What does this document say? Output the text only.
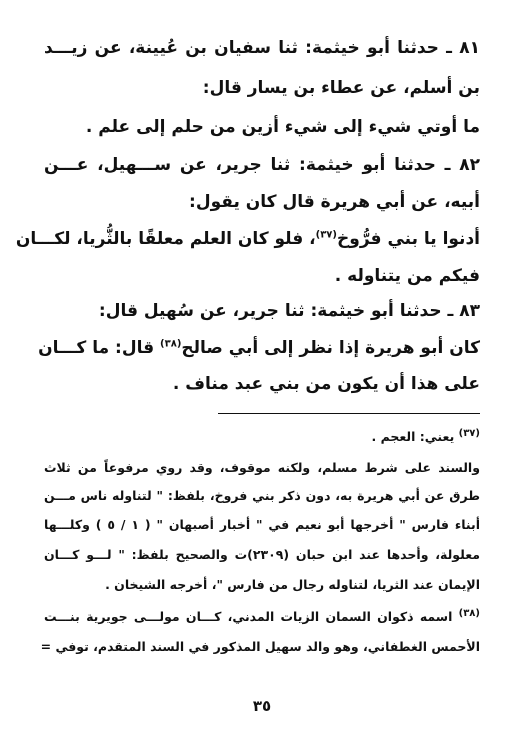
٨١ ـ حدثنا أبو خيثمة: ثنا سفيان بن عُيينة، عن زيـــد
بن أسلم، عن عطاء بن يسار قال:
ما أوتي شيء إلى شيء أزين من حلم إلى علم .
٨٢ ـ حدثنا أبو خيثمة: ثنا جرير، عن ســـهيل، عـــن
أبيه، عن أبي هريرة قال كان يقول:
أدنوا يا بني فرُّوخ$^{(٣٧)}$، فلو كان العلم معلقًا بالثُّريا، لكـــان
فيكم من يتناوله .
٨٣ ـ حدثنا أبو خيثمة: ثنا جرير، عن سُهيل قال:
كان أبو هريرة إذا نظر إلى أبي صالح$^{(٣٨)}$ قال: ما كـــان
على هذا أن يكون من بني عبد مناف .
$^{(٣٧)}$ يعني: العجم .
والسند على شرط مسلم، ولكنه موقوف، وقد روي مرفوعاً من ثلاث
طرق عن أبي هريرة به، دون ذكر بني فروخ، بلفظ: " لتناوله ناس مـــن
أبناء فارس " أخرجها أبو نعيم في " أخبار أصبهان " ( ١ / ٥ ) وكلـــها
معلولة، وأحدها عند ابن حبان (٢٣٠٩)ت والصحيح بلفظ: " لـــو كـــان
الإيمان عند الثريا، لتناوله رجال من فارس "، أخرجه الشيخان .
$^{(٣٨)}$ اسمه ذكوان السمان الزيات المدني، كـــان مولـــى جويرية بنـــت
الأحمس الغطفاني، وهو والد سهيل المذكور في السند المتقدم، توفي =
٣٥
